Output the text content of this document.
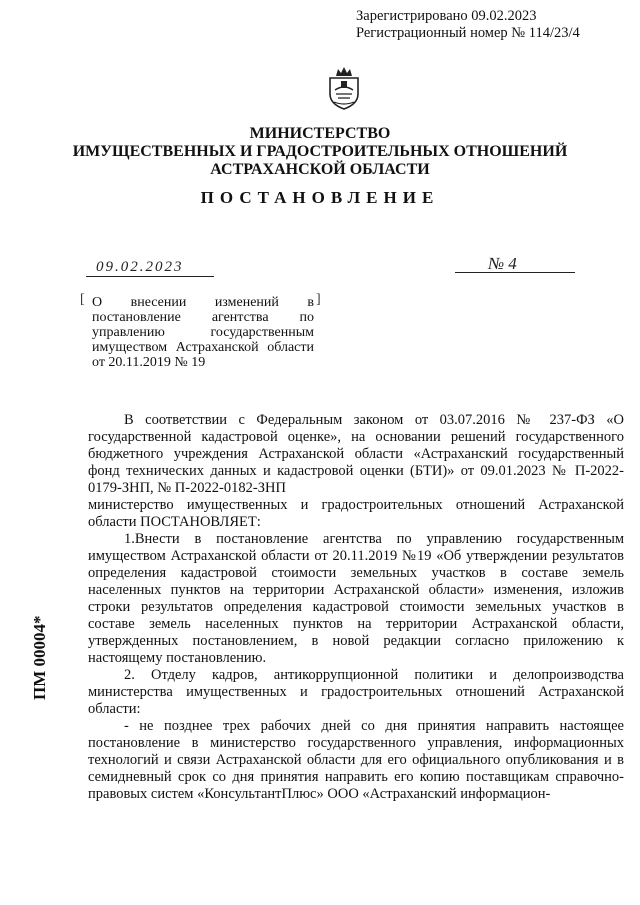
Зарегистрировано 09.02.2023
Регистрационный номер № 114/23/4
МИНИСТЕРСТВО
ИМУЩЕСТВЕННЫХ И ГРАДОСТРОИТЕЛЬНЫХ ОТНОШЕНИЙ
АСТРАХАНСКОЙ ОБЛАСТИ
ПОСТАНОВЛЕНИЕ
09.02.2023	№ 4
[	]
О внесении изменений в постановление агентства по управлению государственным имуществом Астраханской области от 20.11.2019 № 19

В соответствии с Федеральным законом от 03.07.2016 № 237-ФЗ «О государственной кадастровой оценке», на основании решений государственного бюджетного учреждения Астраханской области «Астраханский государственный фонд технических данных и кадастровой оценки (БТИ)» от 09.01.2023 № П-2022-0179-ЗНП, № П-2022-0182-ЗНП

министерство имущественных и градостроительных отношений Астраханской области ПОСТАНОВЛЯЕТ:

1.Внести в постановление агентства по управлению государственным имуществом Астраханской области от 20.11.2019 №19 «Об утверждении результатов определения кадастровой стоимости земельных участков в составе земель населенных пунктов на территории Астраханской области» изменения, изложив строки результатов определения кадастровой стоимости земельных участков в составе земель населенных пунктов на территории Астраханской области, утвержденных постановлением, в новой редакции согласно приложению к настоящему постановлению.

2. Отделу кадров, антикоррупционной политики и делопроизводства министерства имущественных и градостроительных отношений Астраханской области:

- не позднее трех рабочих дней со дня принятия направить настоящее постановление в министерство государственного управления, информационных технологий и связи Астраханской области для его официального опубликования и в семидневный срок со дня принятия направить его копию поставщикам справочно-правовых систем «КонсультантПлюс» ООО «Астраханский информацион-

ПМ 00004*
